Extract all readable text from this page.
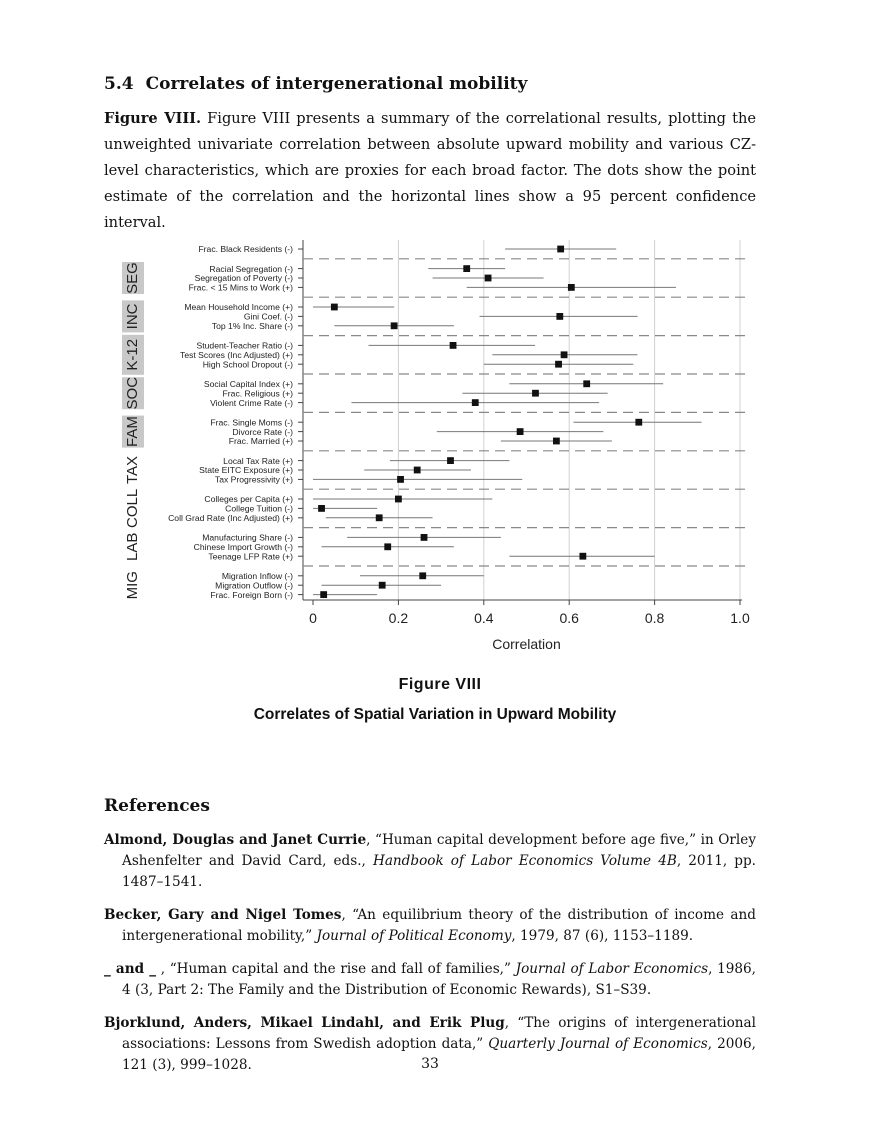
5.4 Correlates of intergenerational mobility
Figure VIII. Figure VIII presents a summary of the correlational results, plotting the unweighted univariate correlation between absolute upward mobility and various CZ-level characteristics, which are proxies for each broad factor. The dots show the point estimate of the correlation and the horizontal lines show a 95 percent confidence interval.
Frac. Black Residents (-)
Racial Segregation (-)
Segregation of Poverty (-)
Frac. < 15 Mins to Work (+)
SEG
Mean Household Income (+)
Gini Coef. (-)
Top 1% Inc. Share (-)
INC
Student-Teacher Ratio (-)
Test Scores (Inc Adjusted) (+)
High School Dropout (-)
K-12
Social Capital Index (+)
Frac. Religious (+)
Violent Crime Rate (-)
SOC
Frac. Single Moms (-)
Divorce Rate (-)
Frac. Married (+)
FAM
Local Tax Rate (+)
State EITC Exposure (+)
Tax Progressivity (+)
TAX
Colleges per Capita (+)
College Tuition (-)
Coll Grad Rate (Inc Adjusted) (+)
COLL
Manufacturing Share (-)
Chinese Import Growth (-)
Teenage LFP Rate (+)
LAB
Migration Inflow (-)
Migration Outflow (-)
Frac. Foreign Born (-)
MIG
0	0.2	0.4	0.6	0.8	1.0
Correlation
Figure VIII
Correlates of Spatial Variation in Upward Mobility
References
Almond, Douglas and Janet Currie, “Human capital development before age five,” in Orley Ashenfelter and David Card, eds., Handbook of Labor Economics Volume 4B, 2011, pp. 1487–1541.
Becker, Gary and Nigel Tomes, “An equilibrium theory of the distribution of income and intergenerational mobility,” Journal of Political Economy, 1979, 87 (6), 1153–1189.
_ and _ , “Human capital and the rise and fall of families,” Journal of Labor Economics, 1986, 4 (3, Part 2: The Family and the Distribution of Economic Rewards), S1–S39.
Bjorklund, Anders, Mikael Lindahl, and Erik Plug, “The origins of intergenerational associations: Lessons from Swedish adoption data,” Quarterly Journal of Economics, 2006, 121 (3), 999–1028.	33
